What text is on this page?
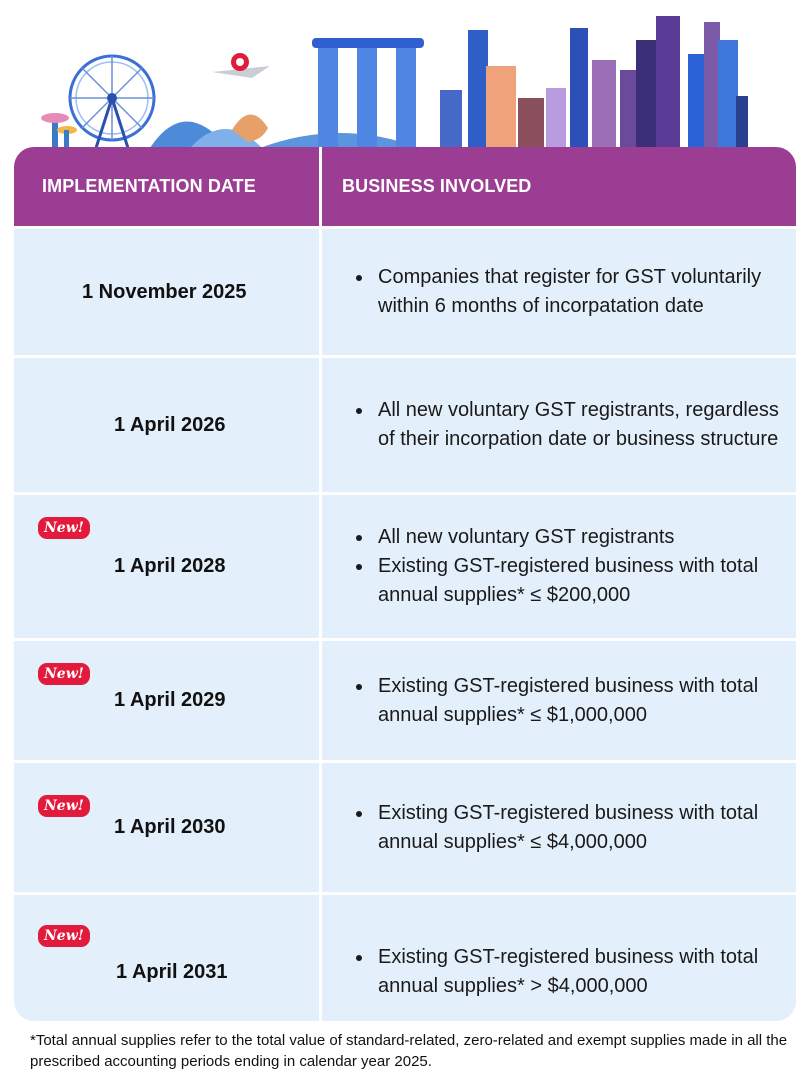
IMPLEMENTATION DATE	BUSINESS INVOLVED
1 November 2025
Companies that register for GST voluntarily within 6 months of incorpatation date
1 April 2026
All new voluntary GST registrants, regardless of their incorpation date or business structure
New!
1 April 2028
All new voluntary GST registrants
Existing GST-registered business with total annual supplies* ≤ $200,000
New!
1 April 2029
Existing GST-registered business with total annual supplies* ≤ $1,000,000
New!
1 April 2030
Existing GST-registered business with total annual supplies* ≤ $4,000,000
New!
1 April 2031
Existing GST-registered business with total annual supplies* > $4,000,000
*Total annual supplies refer to the total value of standard-related, zero-related and exempt supplies made in all the prescribed accounting periods ending in calendar year 2025.
